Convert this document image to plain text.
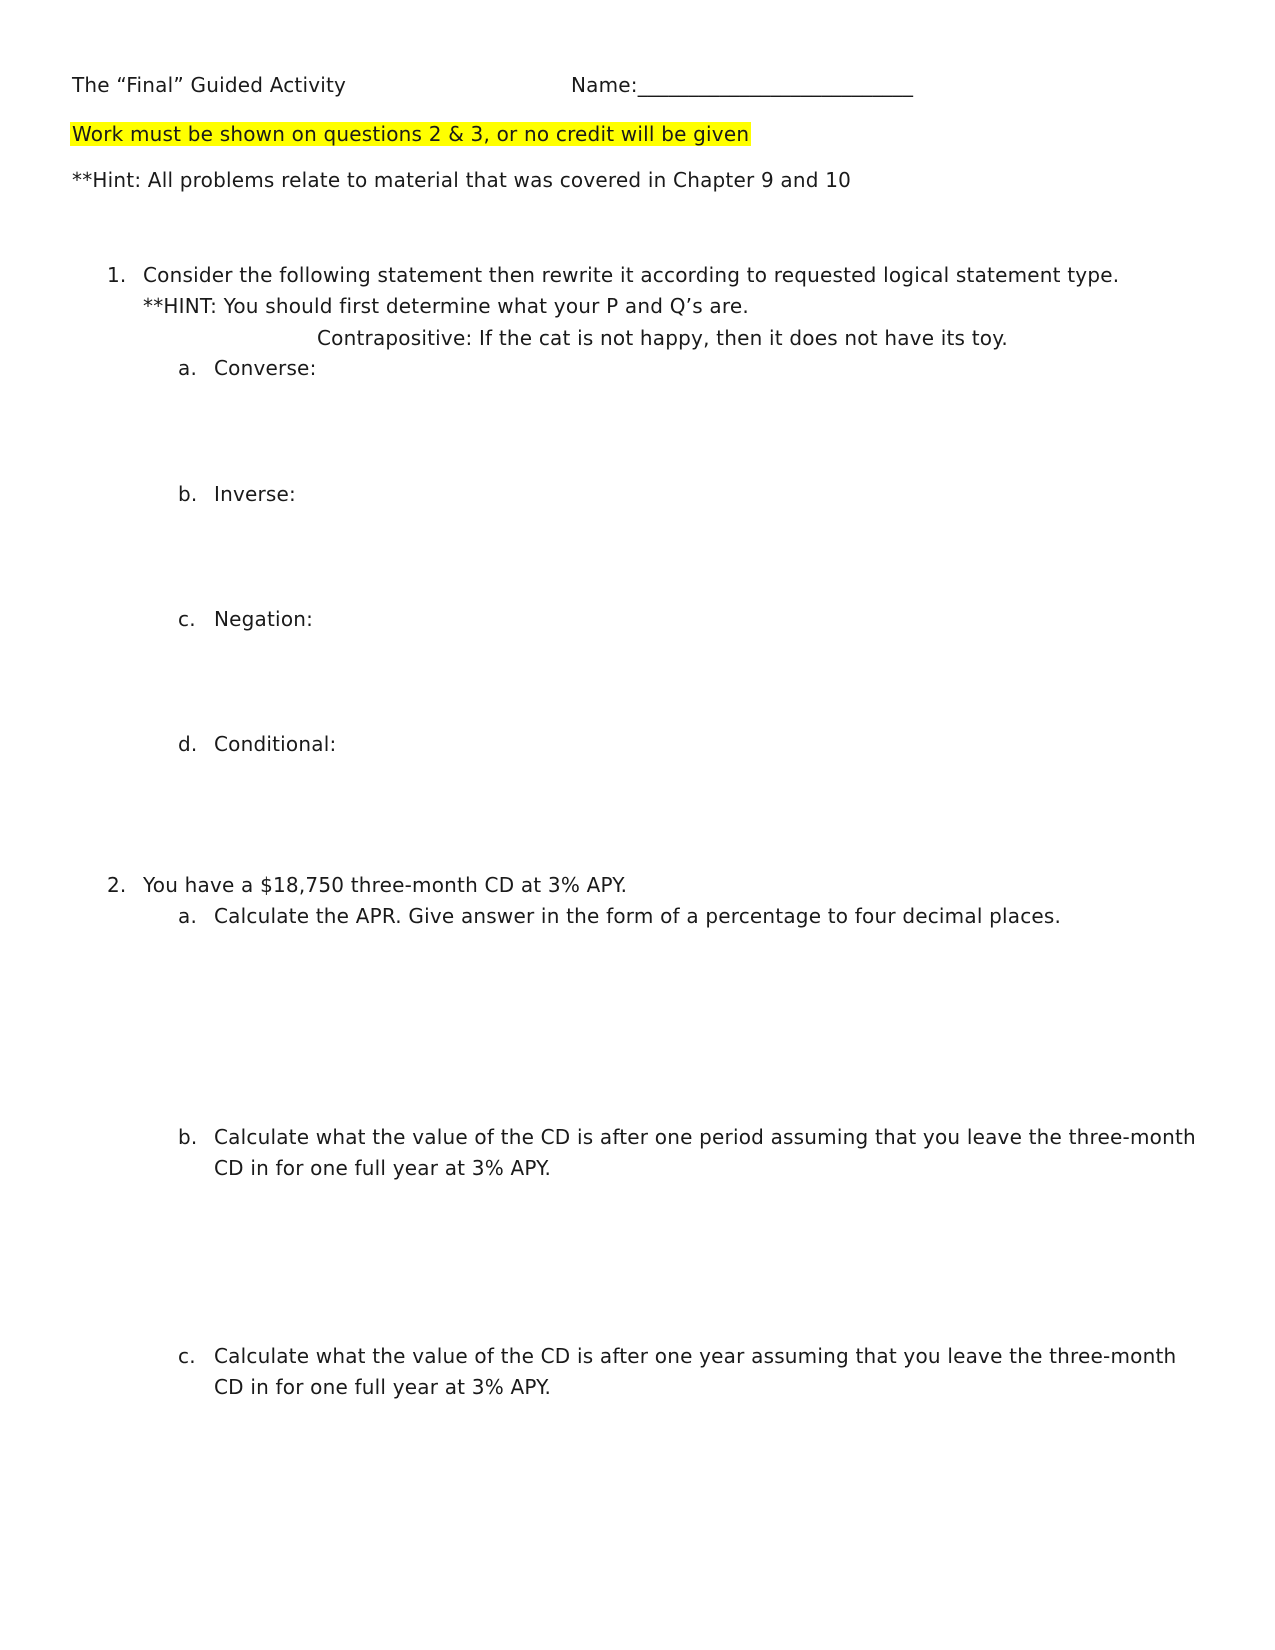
The “Final” Guided Activity	Name:___________________________
Work must be shown on questions 2 & 3, or no credit will be given
**Hint: All problems relate to material that was covered in Chapter 9 and 10
1. Consider the following statement then rewrite it according to requested logical statement type.
**HINT: You should first determine what your P and Q’s are.
Contrapositive: If the cat is not happy, then it does not have its toy.
a. Converse:
b. Inverse:
c. Negation:
d. Conditional:
2. You have a $18,750 three-month CD at 3% APY.
a. Calculate the APR. Give answer in the form of a percentage to four decimal places.
b. Calculate what the value of the CD is after one period assuming that you leave the three-month
CD in for one full year at 3% APY.
c. Calculate what the value of the CD is after one year assuming that you leave the three-month
CD in for one full year at 3% APY.
